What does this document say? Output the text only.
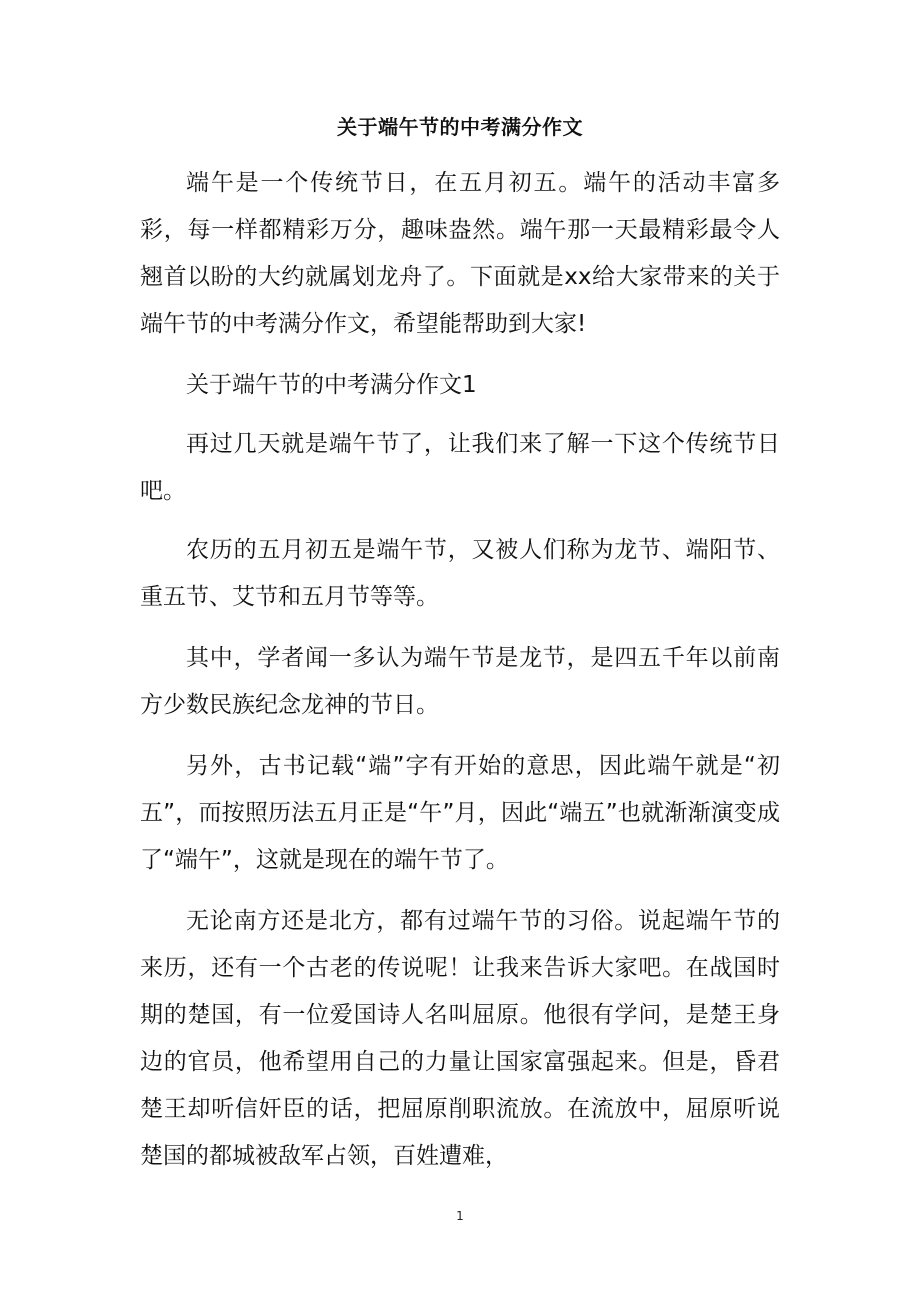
关于端午节的中考满分作文

端午是一个传统节日，在五月初五。端午的活动丰富多彩，每一样都精彩万分，趣味盎然。端午那一天最精彩最令人翘首以盼的大约就属划龙舟了。下面就是xx给大家带来的关于端午节的中考满分作文，希望能帮助到大家!

关于端午节的中考满分作文1

再过几天就是端午节了，让我们来了解一下这个传统节日吧。

农历的五月初五是端午节，又被人们称为龙节、端阳节、重五节、艾节和五月节等等。

其中，学者闻一多认为端午节是龙节，是四五千年以前南方少数民族纪念龙神的节日。

另外，古书记载“端”字有开始的意思，因此端午就是“初五”，而按照历法五月正是“午”月，因此“端五”也就渐渐演变成了“端午”，这就是现在的端午节了。

无论南方还是北方，都有过端午节的习俗。说起端午节的来历，还有一个古老的传说呢！让我来告诉大家吧。在战国时期的楚国，有一位爱国诗人名叫屈原。他很有学问，是楚王身边的官员，他希望用自己的力量让国家富强起来。但是，昏君楚王却听信奸臣的话，把屈原削职流放。在流放中，屈原听说楚国的都城被敌军占领，百姓遭难，

1
